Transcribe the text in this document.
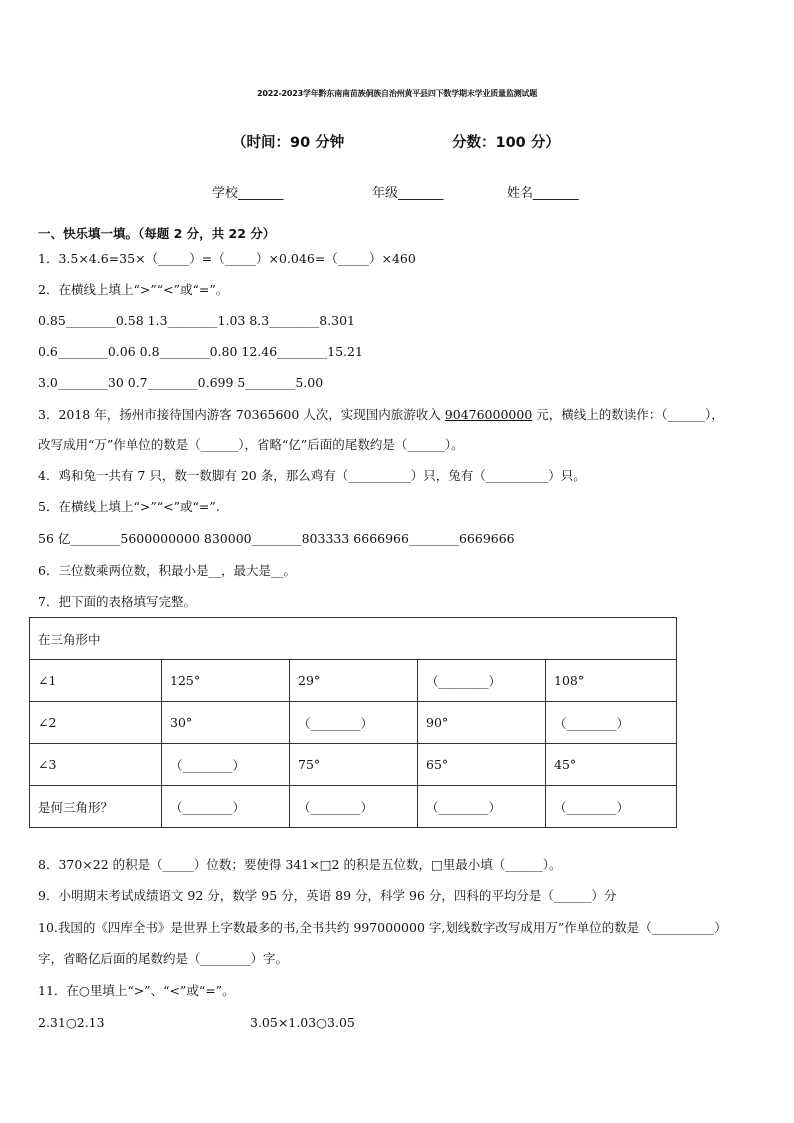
2022-2023学年黔东南南苗族侗族自治州黄平县四下数学期末学业质量监测试题
（时间：90 分钟	分数：100 分）
学校_______	年级_______	姓名_______
一、快乐填一填。（每题 2 分，共 22 分）
1．3.5×4.6=35×（_____）=（_____）×0.046=（_____）×460
2．在横线上填上“>”“<”或“=”。
0.85________0.58 1.3________1.03 8.3________8.301
0.6________0.06 0.8________0.80 12.46________15.21
3.0________30 0.7________0.699 5________5.00
3．2018 年，扬州市接待国内游客 70365600 人次，实现国内旅游收入 90476000000 元，横线上的数读作：（______），
改写成用“万”作单位的数是（______），省略“亿”后面的尾数约是（______）。
4．鸡和兔一共有 7 只，数一数脚有 20 条，那么鸡有（__________）只，兔有（__________）只。
5．在横线上填上“>”“<”或“=”.
56 亿________5600000000 830000________803333 6666966________6669666
6．三位数乘两位数，积最小是__，最大是__。
7．把下面的表格填写完整。
在三角形中				
∠1	125°	29°	（________）	108°
∠2	30°	（________）	90°	（________）
∠3	（________）	75°	65°	45°
是何三角形？	（________）	（________）	（________）	（________）
8．370×22 的积是（_____）位数；要使得 341×□2 的积是五位数，□里最小填（______）。
9．小明期末考试成绩语文 92 分，数学 95 分，英语 89 分，科学 96 分，四科的平均分是（______）分
10.我国的《四库全书》是世界上字数最多的书,全书共约 997000000 字,划线数字改写成用万”作单位的数是（__________）
字，省略亿后面的尾数约是（________）字。
11．在○里填上“>”、“<”或“=”。
2.31○2.13	3.05×1.03○3.05
